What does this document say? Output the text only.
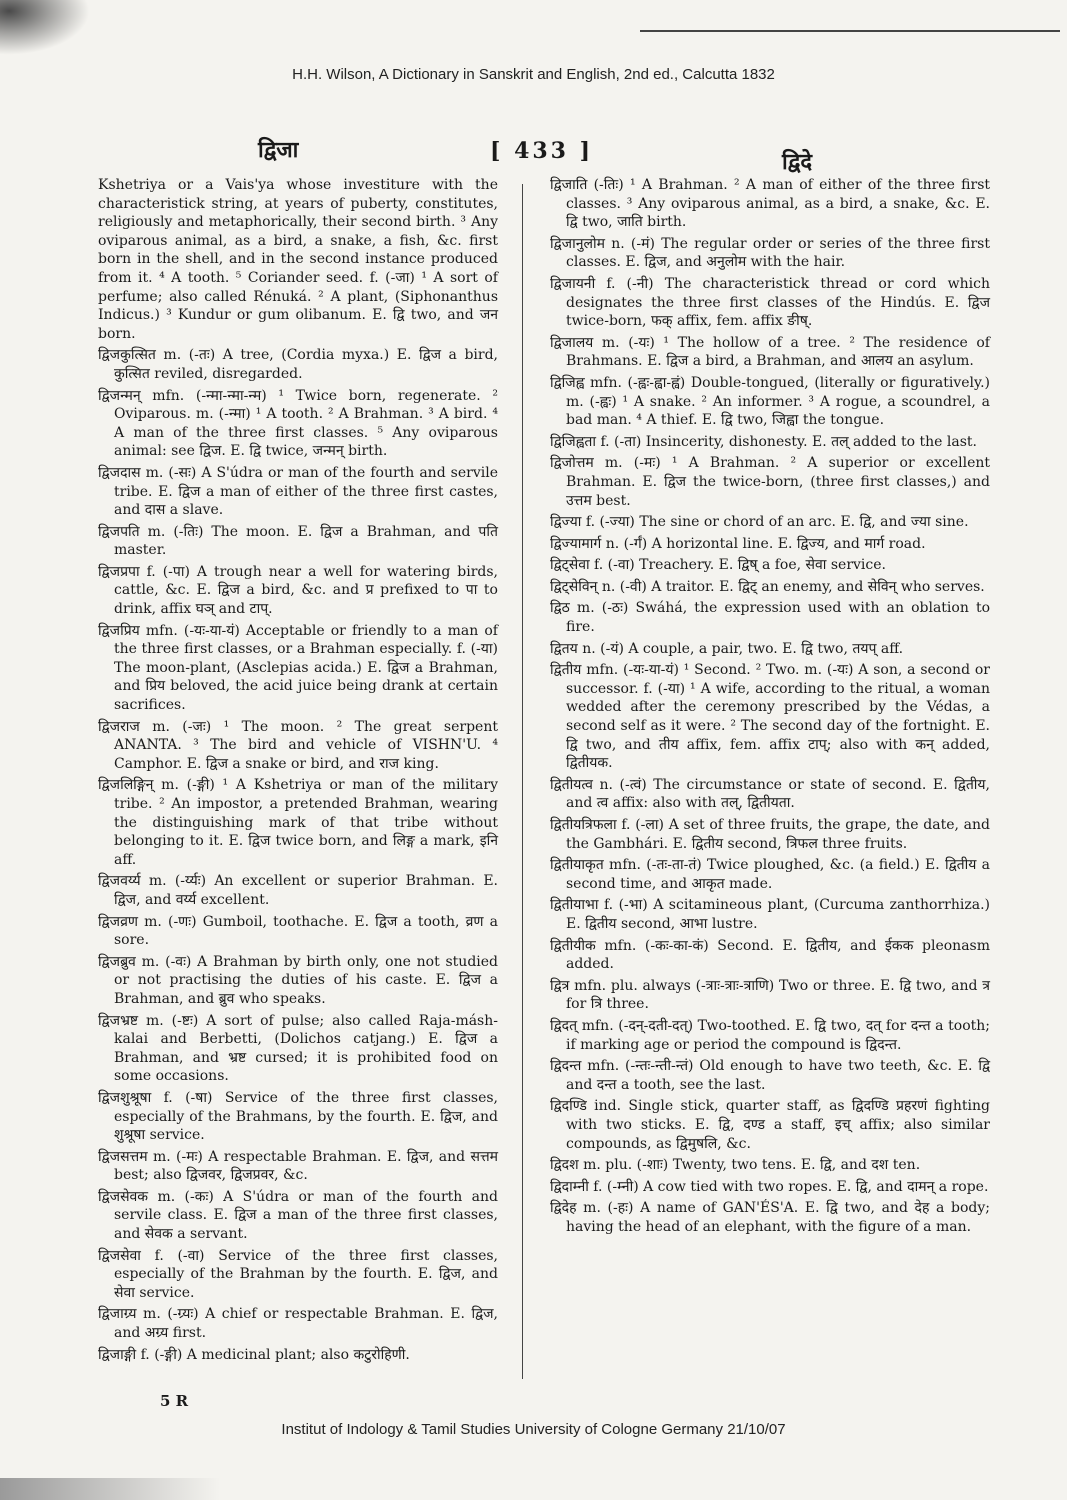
H.H. Wilson, A Dictionary in Sanskrit and English, 2nd ed., Calcutta 1832
द्विजा	[ 433 ]	द्विदे

Kshetriya or a Vais'ya whose investiture with the characteristick string, at years of puberty, constitutes, religiously and metaphorically, their second birth. ³ Any oviparous animal, as a bird, a snake, a fish, &c. first born in the shell, and in the second instance produced from it. ⁴ A tooth. ⁵ Coriander seed. f. (-जा) ¹ A sort of perfume; also called Rénuká. ² A plant, (Siphonanthus Indicus.) ³ Kundur or gum olibanum. E. द्वि two, and जन born.

द्विजकुत्सित m. (-तः) A tree, (Cordia myxa.) E. द्विज a bird, कुत्सित reviled, disregarded.

द्विजन्मन् mfn. (-न्मा-न्मा-न्म) ¹ Twice born, regenerate. ² Oviparous. m. (-न्मा) ¹ A tooth. ² A Brahman. ³ A bird. ⁴ A man of the three first classes. ⁵ Any oviparous animal: see द्विज. E. द्वि twice, जन्मन् birth.

द्विजदास m. (-सः) A S'údra or man of the fourth and servile tribe. E. द्विज a man of either of the three first castes, and दास a slave.

द्विजपति m. (-तिः) The moon. E. द्विज a Brahman, and पति master.

द्विजप्रपा f. (-पा) A trough near a well for watering birds, cattle, &c. E. द्विज a bird, &c. and प्र prefixed to पा to drink, affix घञ् and टाप्.

द्विजप्रिय mfn. (-यः-या-यं) Acceptable or friendly to a man of the three first classes, or a Brahman especially. f. (-या) The moon-plant, (Asclepias acida.) E. द्विज a Brahman, and प्रिय beloved, the acid juice being drank at certain sacrifices.

द्विजराज m. (-जः) ¹ The moon. ² The great serpent ANANTA. ³ The bird and vehicle of VISHN'U. ⁴ Camphor. E. द्विज a snake or bird, and राज king.

द्विजलिङ्गिन् m. (-ङ्गी) ¹ A Kshetriya or man of the military tribe. ² An impostor, a pretended Brahman, wearing the distinguishing mark of that tribe without belonging to it. E. द्विज twice born, and लिङ्ग a mark, इनि aff.

द्विजवर्य्य m. (-र्य्यः) An excellent or superior Brahman. E. द्विज, and वर्य्य excellent.

द्विजव्रण m. (-णः) Gumboil, toothache. E. द्विज a tooth, व्रण a sore.

द्विजब्रुव m. (-वः) A Brahman by birth only, one not studied or not practising the duties of his caste. E. द्विज a Brahman, and ब्रुव who speaks.

द्विजभ्रष्ट m. (-ष्टः) A sort of pulse; also called Raja-másh-kalai and Berbetti, (Dolichos catjang.) E. द्विज a Brahman, and भ्रष्ट cursed; it is prohibited food on some occasions.

द्विजशुश्रूषा f. (-षा) Service of the three first classes, especially of the Brahmans, by the fourth. E. द्विज, and शुश्रूषा service.

द्विजसत्तम m. (-मः) A respectable Brahman. E. द्विज, and सत्तम best; also द्विजवर, द्विजप्रवर, &c.

द्विजसेवक m. (-कः) A S'údra or man of the fourth and servile class. E. द्विज a man of the three first classes, and सेवक a servant.

द्विजसेवा f. (-वा) Service of the three first classes, especially of the Brahman by the fourth. E. द्विज, and सेवा service.

द्विजाग्र्य m. (-ग्र्यः) A chief or respectable Brahman. E. द्विज, and अग्र्य first.

द्विजाङ्गी f. (-ङ्गी) A medicinal plant; also कटुरोहिणी.

द्विजाति (-तिः) ¹ A Brahman. ² A man of either of the three first classes. ³ Any oviparous animal, as a bird, a snake, &c. E. द्वि two, जाति birth.

द्विजानुलोम n. (-मं) The regular order or series of the three first classes. E. द्विज, and अनुलोम with the hair.

द्विजायनी f. (-नी) The characteristick thread or cord which designates the three first classes of the Hindús. E. द्विज twice-born, फक् affix, fem. affix ङीष्.

द्विजालय m. (-यः) ¹ The hollow of a tree. ² The residence of Brahmans. E. द्विज a bird, a Brahman, and आलय an asylum.

द्विजिह्व mfn. (-ह्वः-ह्वा-ह्वं) Double-tongued, (literally or figuratively.) m. (-ह्वः) ¹ A snake. ² An informer. ³ A rogue, a scoundrel, a bad man. ⁴ A thief. E. द्वि two, जिह्वा the tongue.

द्विजिह्वता f. (-ता) Insincerity, dishonesty. E. तल् added to the last.

द्विजोत्तम m. (-मः) ¹ A Brahman. ² A superior or excellent Brahman. E. द्विज the twice-born, (three first classes,) and उत्तम best.

द्विज्या f. (-ज्या) The sine or chord of an arc. E. द्वि, and ज्या sine.

द्विज्यामार्ग n. (-र्गं) A horizontal line. E. द्विज्य, and मार्ग road.

द्विट्सेवा f. (-वा) Treachery. E. द्विष् a foe, सेवा service.

द्विट्सेविन् n. (-वी) A traitor. E. द्विट् an enemy, and सेविन् who serves.

द्विठ m. (-ठः) Swáhá, the expression used with an oblation to fire.

द्वितय n. (-यं) A couple, a pair, two. E. द्वि two, तयप् aff.

द्वितीय mfn. (-यः-या-यं) ¹ Second. ² Two. m. (-यः) A son, a second or successor. f. (-या) ¹ A wife, according to the ritual, a woman wedded after the ceremony prescribed by the Védas, a second self as it were. ² The second day of the fortnight. E. द्वि two, and तीय affix, fem. affix टाप्; also with कन् added, द्वितीयक.

द्वितीयत्व n. (-त्वं) The circumstance or state of second. E. द्वितीय, and त्व affix: also with तल्, द्वितीयता.

द्वितीयत्रिफला f. (-ला) A set of three fruits, the grape, the date, and the Gambhári. E. द्वितीय second, त्रिफल three fruits.

द्वितीयाकृत mfn. (-तः-ता-तं) Twice ploughed, &c. (a field.) E. द्वितीय a second time, and आकृत made.

द्वितीयाभा f. (-भा) A scitamineous plant, (Curcuma zanthorrhiza.) E. द्वितीय second, आभा lustre.

द्वितीयीक mfn. (-कः-का-कं) Second. E. द्वितीय, and ईकक pleonasm added.

द्वित्र mfn. plu. always (-त्राः-त्राः-त्राणि) Two or three. E. द्वि two, and त्र for त्रि three.

द्विदत् mfn. (-दन्-दती-दत्) Two-toothed. E. द्वि two, दत् for दन्त a tooth; if marking age or period the compound is द्विदन्त.

द्विदन्त mfn. (-न्तः-न्ती-न्तं) Old enough to have two teeth, &c. E. द्वि and दन्त a tooth, see the last.

द्विदण्डि ind. Single stick, quarter staff, as द्विदण्डि प्रहरणं fighting with two sticks. E. द्वि, दण्ड a staff, इच् affix; also similar compounds, as द्विमुषलि, &c.

द्विदश m. plu. (-शाः) Twenty, two tens. E. द्वि, and दश ten.

द्विदाम्नी f. (-म्नी) A cow tied with two ropes. E. द्वि, and दामन् a rope.

द्विदेह m. (-हः) A name of GAN'ÉS'A. E. द्वि two, and देह a body; having the head of an elephant, with the figure of a man.

5 R
Institut of Indology & Tamil Studies University of Cologne Germany 21/10/07
